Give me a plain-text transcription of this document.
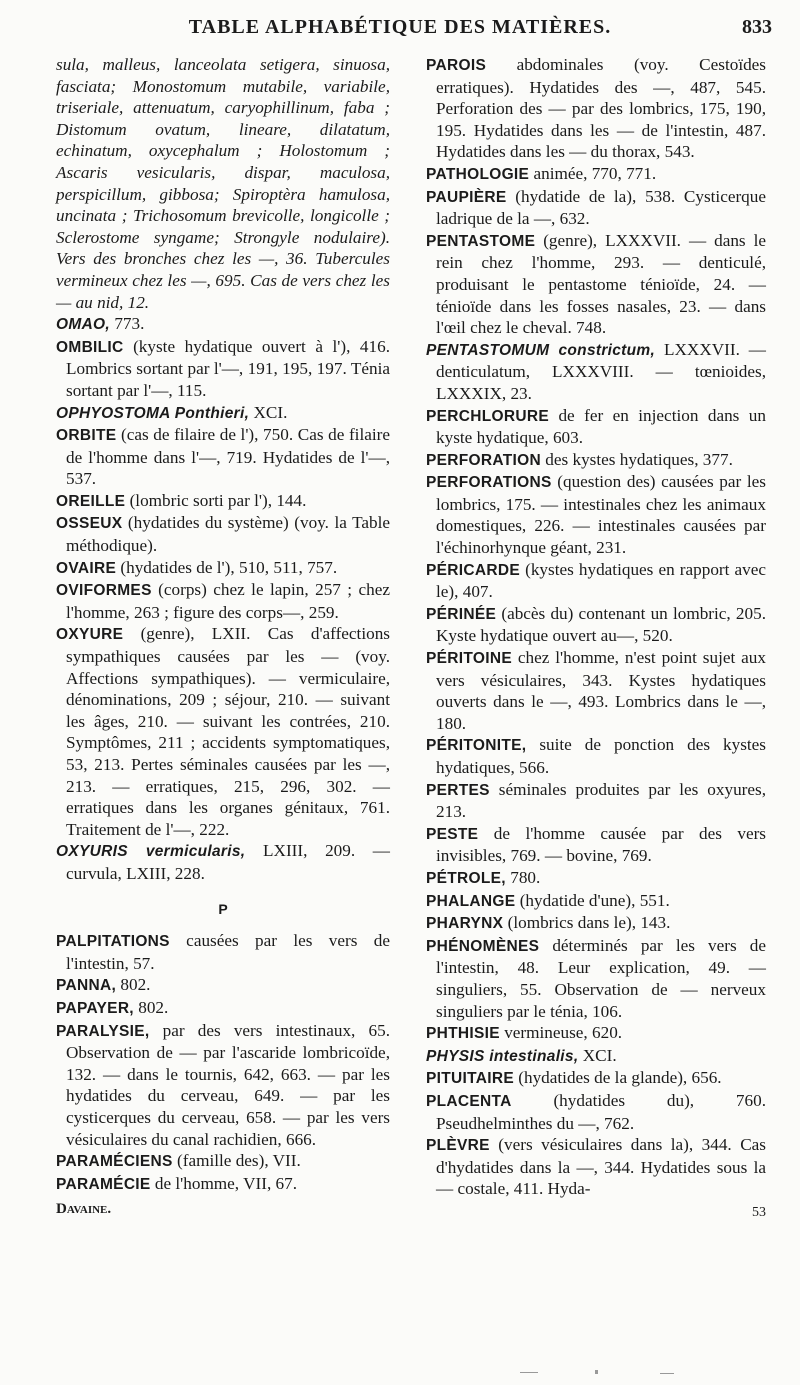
TABLE ALPHABÉTIQUE DES MATIÈRES.	833

sula, malleus, lanceolata setigera, sinuosa, fasciata; Monostomum mutabile, variabile, triseriale, attenuatum, caryophillinum, faba ; Distomum ovatum, lineare, dilatatum, echinatum, oxycephalum ; Holostomum ; Ascaris vesicularis, dispar, maculosa, perspicillum, gibbosa; Spiroptèra hamulosa, uncinata ; Trichosomum brevicolle, longicolle ; Sclerostome syngame; Strongyle nodulaire). Vers des bronches chez les —, 36. Tubercules vermineux chez les —, 695. Cas de vers chez les — au nid, 12.

OMAO, 773.

OMBILIC (kyste hydatique ouvert à l'), 416. Lombrics sortant par l'—, 191, 195, 197. Ténia sortant par l'—, 115.

OPHYOSTOMA Ponthieri, XCI.

ORBITE (cas de filaire de l'), 750. Cas de filaire de l'homme dans l'—, 719. Hydatides de l'—, 537.

OREILLE (lombric sorti par l'), 144.

OSSEUX (hydatides du système) (voy. la Table méthodique).

OVAIRE (hydatides de l'), 510, 511, 757.

OVIFORMES (corps) chez le lapin, 257 ; chez l'homme, 263 ; figure des corps—, 259.

OXYURE (genre), LXII. Cas d'affections sympathiques causées par les — (voy. Affections sympathiques). — vermiculaire, dénominations, 209 ; séjour, 210. — suivant les âges, 210. — suivant les contrées, 210. Symptômes, 211 ; accidents symptomatiques, 53, 213. Pertes séminales causées par les —, 213. — erratiques, 215, 296, 302. — erratiques dans les organes génitaux, 761. Traitement de l'—, 222.

OXYURIS vermicularis, LXIII, 209. — curvula, LXIII, 228.

P

PALPITATIONS causées par les vers de l'intestin, 57.

PANNA, 802.

PAPAYER, 802.

PARALYSIE, par des vers intestinaux, 65. Observation de — par l'ascaride lombricoïde, 132. — dans le tournis, 642, 663. — par les hydatides du cerveau, 649. — par les cysticerques du cerveau, 658. — par les vers vésiculaires du canal rachidien, 666.

PARAMÉCIENS (famille des), VII.

PARAMÉCIE de l'homme, VII, 67.

Davaine.

PAROIS abdominales (voy. Cestoïdes erratiques). Hydatides des —, 487, 545. Perforation des — par des lombrics, 175, 190, 195. Hydatides dans les — de l'intestin, 487. Hydatides dans les — du thorax, 543.

PATHOLOGIE animée, 770, 771.

PAUPIÈRE (hydatide de la), 538. Cysticerque ladrique de la —, 632.

PENTASTOME (genre), LXXXVII. — dans le rein chez l'homme, 293. — denticulé, produisant le pentastome ténioïde, 24. — ténioïde dans les fosses nasales, 23. — dans l'œil chez le cheval. 748.

PENTASTOMUM constrictum, LXXXVII. — denticulatum, LXXXVIII. — tœnioides, LXXXIX, 23.

PERCHLORURE de fer en injection dans un kyste hydatique, 603.

PERFORATION des kystes hydatiques, 377.

PERFORATIONS (question des) causées par les lombrics, 175. — intestinales chez les animaux domestiques, 226. — intestinales causées par l'échinorhynque géant, 231.

PÉRICARDE (kystes hydatiques en rapport avec le), 407.

PÉRINÉE (abcès du) contenant un lombric, 205. Kyste hydatique ouvert au—, 520.

PÉRITOINE chez l'homme, n'est point sujet aux vers vésiculaires, 343. Kystes hydatiques ouverts dans le —, 493. Lombrics dans le —, 180.

PÉRITONITE, suite de ponction des kystes hydatiques, 566.

PERTES séminales produites par les oxyures, 213.

PESTE de l'homme causée par des vers invisibles, 769. — bovine, 769.

PÉTROLE, 780.

PHALANGE (hydatide d'une), 551.

PHARYNX (lombrics dans le), 143.

PHÉNOMÈNES déterminés par les vers de l'intestin, 48. Leur explication, 49. — singuliers, 55. Observation de — nerveux singuliers par le ténia, 106.

PHTHISIE vermineuse, 620.

PHYSIS intestinalis, XCI.

PITUITAIRE (hydatides de la glande), 656.

PLACENTA (hydatides du), 760. Pseudhelminthes du —, 762.

PLÈVRE (vers vésiculaires dans la), 344. Cas d'hydatides dans la —, 344. Hydatides sous la — costale, 411. Hyda-

53
